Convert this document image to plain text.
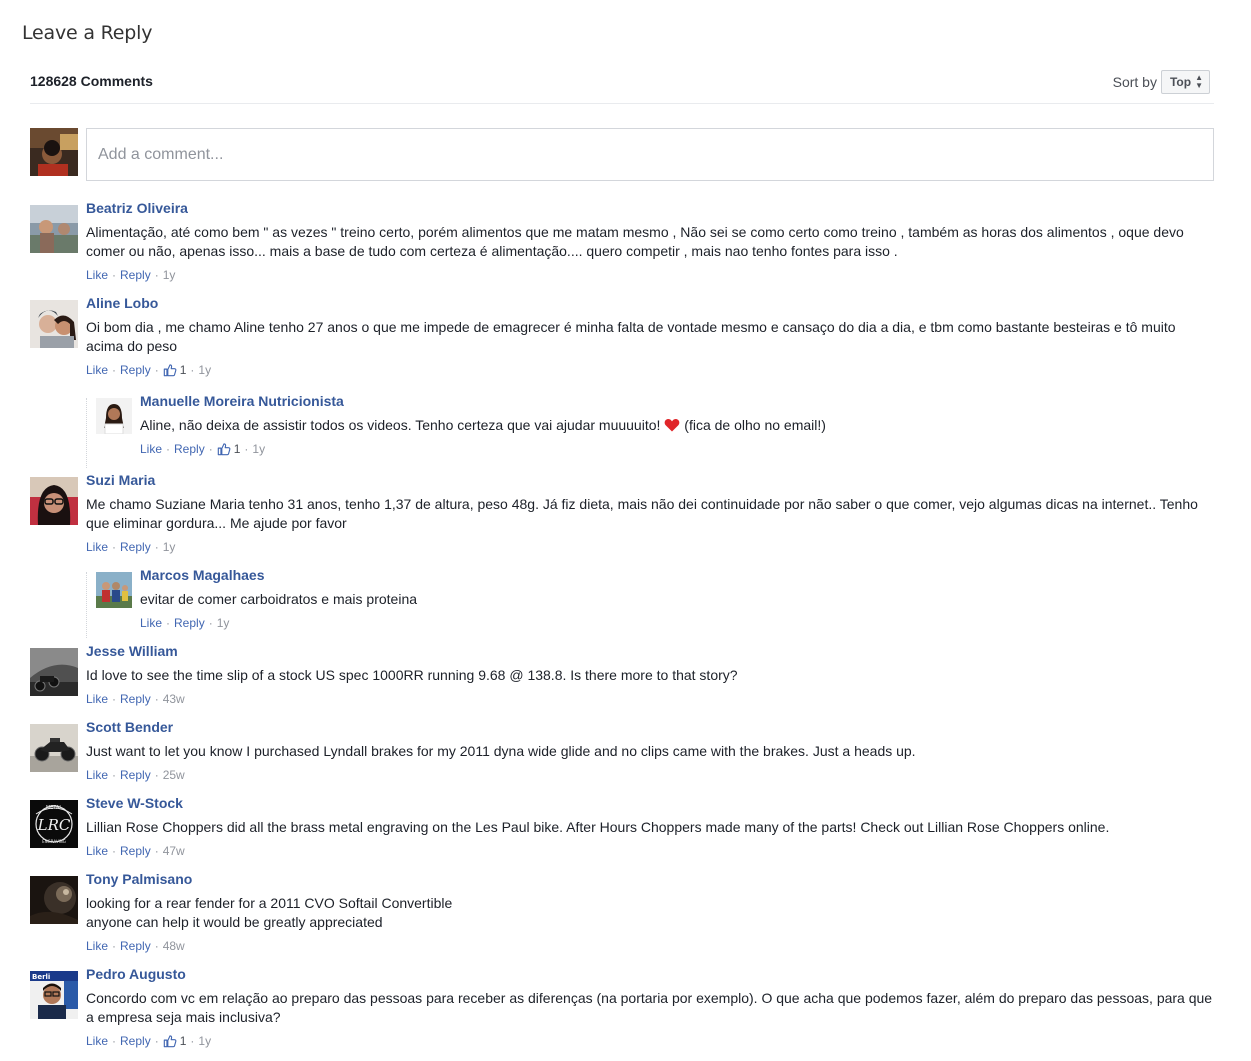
Leave a Reply
128628 Comments	Sort by Top ▲
▼
Add a comment...
Beatriz Oliveira
Alimentação, até como bem " as vezes " treino certo, porém alimentos que me matam mesmo , Não sei se como certo como treino , também as horas dos alimentos , oque devo comer ou não, apenas isso... mais a base de tudo com certeza é alimentação.... quero competir , mais nao tenho fontes para isso .
Like · Reply · 1y
Aline Lobo
Oi bom dia , me chamo Aline tenho 27 anos o que me impede de emagrecer é minha falta de vontade mesmo e cansaço do dia a dia, e tbm como bastante besteiras e tô muito acima do peso
Like · Reply · 1 · 1y
Manuelle Moreira Nutricionista
Aline, não deixa de assistir todos os videos. Tenho certeza que vai ajudar muuuuito! (fica de olho no email!)
Like · Reply · 1 · 1y
Suzi Maria
Me chamo Suziane Maria tenho 31 anos, tenho 1,37 de altura, peso 48g. Já fiz dieta, mais não dei continuidade por não saber o que comer, vejo algumas dicas na internet.. Tenho que eliminar gordura... Me ajude por favor
Like · Reply · 1y
Marcos Magalhaes
evitar de comer carboidratos e mais proteina
Like · Reply · 1y
Jesse William
Id love to see the time slip of a stock US spec 1000RR running 9.68 @ 138.8. Is there more to that story?
Like · Reply · 43w
Scott Bender
Just want to let you know I purchased Lyndall brakes for my 2011 dyna wide glide and no clips came with the brakes. Just a heads up.
Like · Reply · 25w
METAL
LRC
ENGRAVING
Steve W-Stock
Lillian Rose Choppers did all the brass metal engraving on the Les Paul bike. After Hours Choppers made many of the parts! Check out Lillian Rose Choppers online.
Like · Reply · 47w
Tony Palmisano
looking for a rear fender for a 2011 CVO Softail Convertible
anyone can help it would be greatly appreciated
Like · Reply · 48w
Berli	Pedro Augusto
Concordo com vc em relação ao preparo das pessoas para receber as diferenças (na portaria por exemplo). O que acha que podemos fazer, além do preparo das pessoas, para que a empresa seja mais inclusiva?
Like · Reply · 1 · 1y
